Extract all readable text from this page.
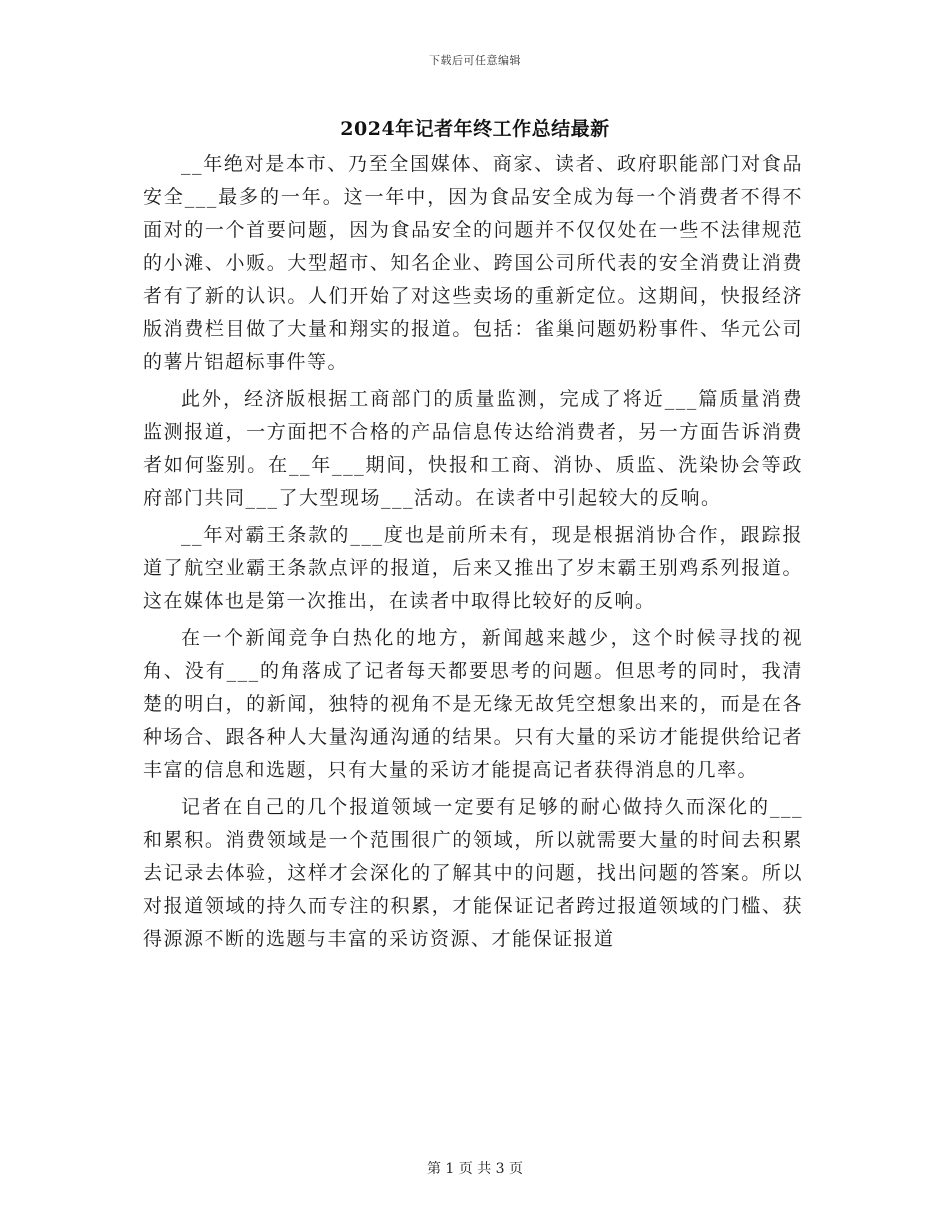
下载后可任意编辑
2024年记者年终工作总结最新

__年绝对是本市、乃至全国媒体、商家、读者、政府职能部门对食品安全___最多的一年。这一年中，因为食品安全成为每一个消费者不得不面对的一个首要问题，因为食品安全的问题并不仅仅处在一些不法律规范的小滩、小贩。大型超市、知名企业、跨国公司所代表的安全消费让消费者有了新的认识。人们开始了对这些卖场的重新定位。这期间，快报经济版消费栏目做了大量和翔实的报道。包括：雀巢问题奶粉事件、华元公司的薯片铝超标事件等。

此外，经济版根据工商部门的质量监测，完成了将近___篇质量消费监测报道，一方面把不合格的产品信息传达给消费者，另一方面告诉消费者如何鉴别。在__年___期间，快报和工商、消协、质监、洗染协会等政府部门共同___了大型现场___活动。在读者中引起较大的反响。

__年对霸王条款的___度也是前所未有，现是根据消协合作，跟踪报道了航空业霸王条款点评的报道，后来又推出了岁末霸王别鸡系列报道。这在媒体也是第一次推出，在读者中取得比较好的反响。

在一个新闻竞争白热化的地方，新闻越来越少，这个时候寻找的视角、没有___的角落成了记者每天都要思考的问题。但思考的同时，我清楚的明白，的新闻，独特的视角不是无缘无故凭空想象出来的，而是在各种场合、跟各种人大量沟通沟通的结果。只有大量的采访才能提供给记者丰富的信息和选题，只有大量的采访才能提高记者获得消息的几率。

记者在自己的几个报道领域一定要有足够的耐心做持久而深化的___和累积。消费领域是一个范围很广的领域，所以就需要大量的时间去积累去记录去体验，这样才会深化的了解其中的问题，找出问题的答案。所以对报道领域的持久而专注的积累，才能保证记者跨过报道领域的门槛、获得源源不断的选题与丰富的采访资源、才能保证报道

第 1 页 共 3 页
